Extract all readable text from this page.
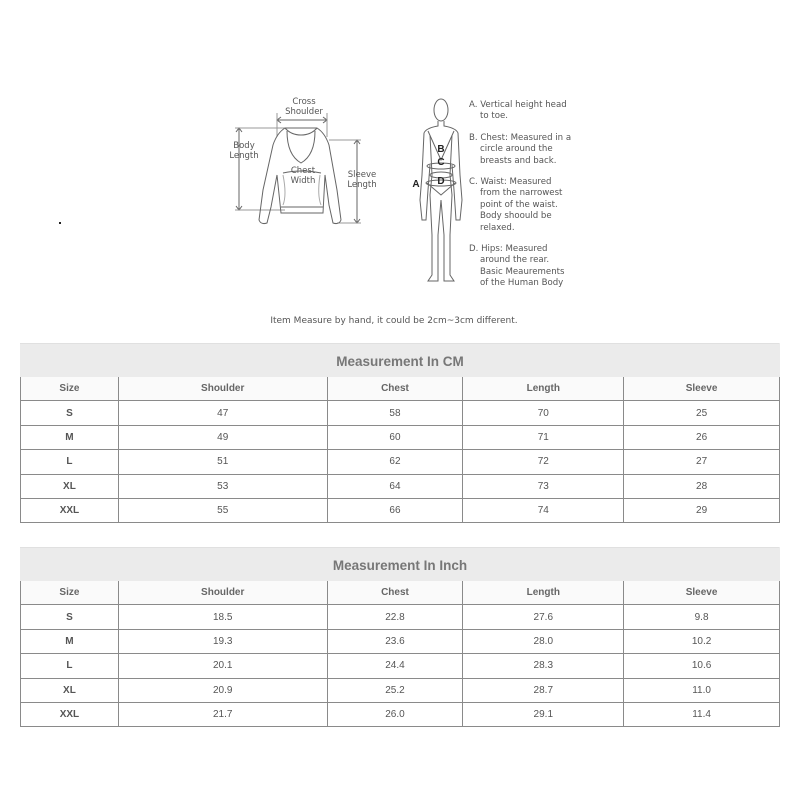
Cross
Shoulder
Body
Length
Chest
Width
Sleeve
Length
B
C
D
A
A. Vertical height head
to toe.
B. Chest: Measured in a
circle around the
breasts and back.
C. Waist: Measured
from the narrowest
point of the waist.
Body shoould be
relaxed.
D. Hips: Measured
around the rear.
Basic Meaurements
of the Human Body
Item Measure by hand, it could be 2cm~3cm different.
Measurement In CM				
Size	Shoulder	Chest	Length	Sleeve
S	47	58	70	25
M	49	60	71	26
L	51	62	72	27
XL	53	64	73	28
XXL	55	66	74	29
Measurement In Inch				
Size	Shoulder	Chest	Length	Sleeve
S	18.5	22.8	27.6	9.8
M	19.3	23.6	28.0	10.2
L	20.1	24.4	28.3	10.6
XL	20.9	25.2	28.7	11.0
XXL	21.7	26.0	29.1	11.4
